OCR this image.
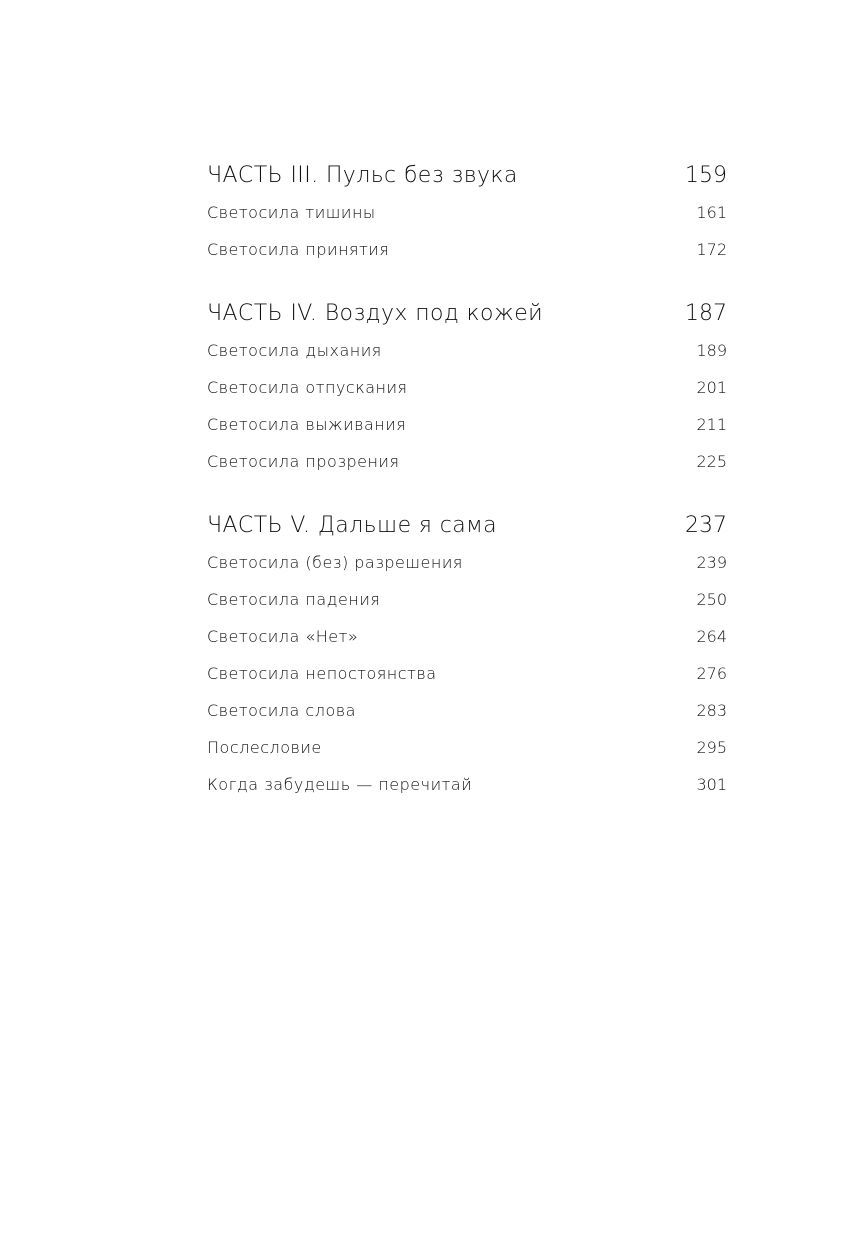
ЧАСТЬ III. Пульс без звука	159
Светосила тишины	161
Светосила принятия	172
ЧАСТЬ IV. Воздух под кожей	187
Светосила дыхания	189
Светосила отпускания	201
Светосила выживания	211
Светосила прозрения	225
ЧАСТЬ V. Дальше я сама	237
Светосила (без) разрешения	239
Светосила падения	250
Светосила «Нет»	264
Светосила непостоянства	276
Светосила слова	283
Послесловие	295
Когда забудешь — перечитай	301
